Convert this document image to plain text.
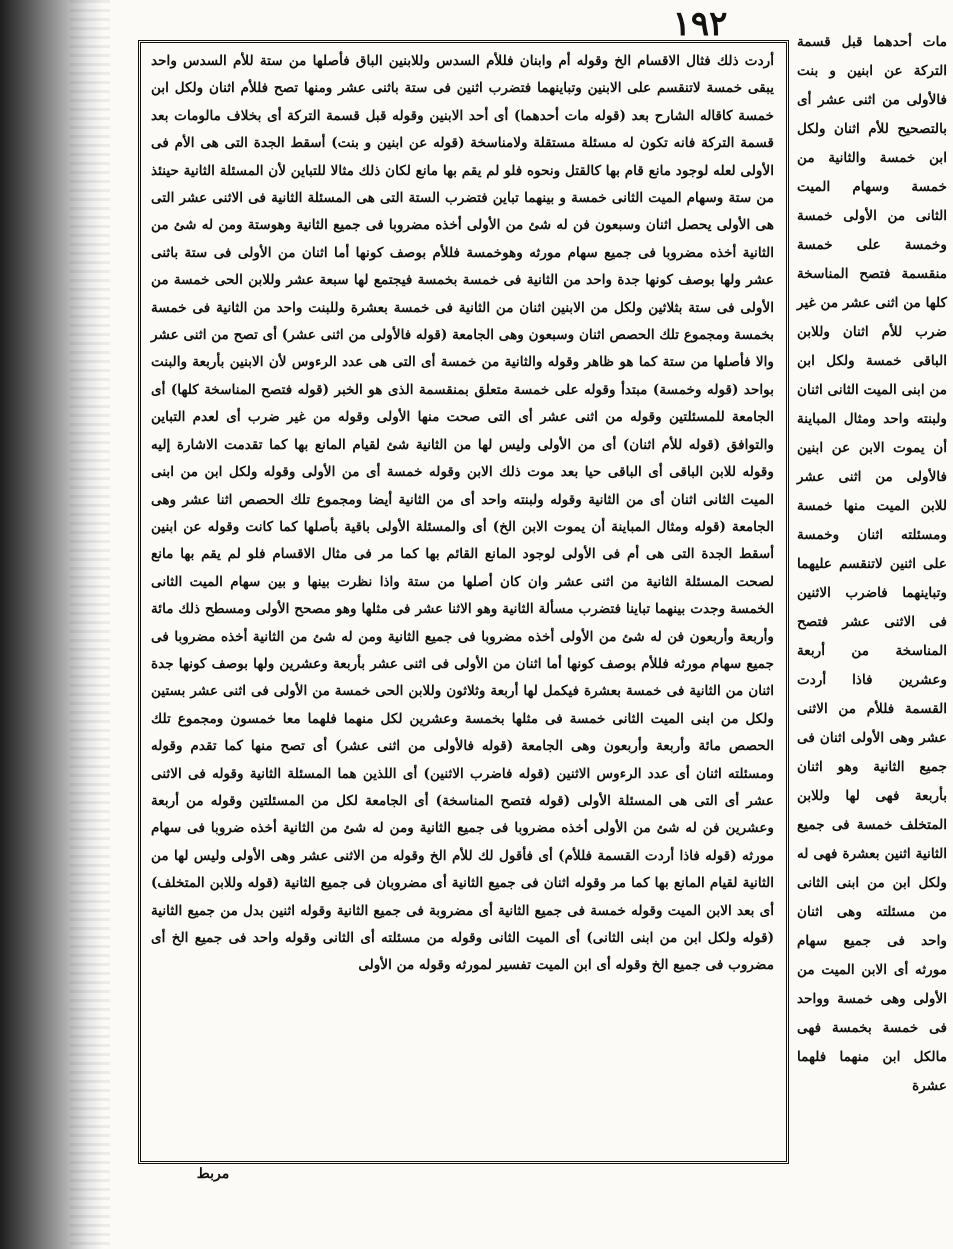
١٩٢

أردت ذلك فثال الاقسام الخ وقوله أم وابنان فللأم السدس وللابنين الباق فأصلها من ستة للأم السدس واحد يبقى خمسة لاتنقسم على الابنين وتباينهما فتضرب اثنين فى ستة باثنى عشر ومنها تصح فللأم اثنان ولكل ابن خمسة كاقاله الشارح بعد (قوله مات أحدهما) أى أحد الابنين وقوله قبل قسمة التركة أى بخلاف مالومات بعد قسمة التركة فانه تكون له مسئلة مستقلة ولامناسخة (قوله عن ابنين و بنت) أسقط الجدة التى هى الأم فى الأولى لعله لوجود مانع قام بها كالقتل ونحوه فلو لم يقم بها مانع لكان ذلك مثالا للتباين لأن المسئلة الثانية حينئذ من ستة وسهام الميت الثانى خمسة و بينهما تباين فتضرب الستة التى هى المسئلة الثانية فى الاثنى عشر التى هى الأولى يحصل اثنان وسبعون فن له شئ من الأولى أخذه مضروبا فى جميع الثانية وهوستة ومن له شئ من الثانية أخذه مضروبا فى جميع سهام مورثه وهوخمسة فللأم بوصف كونها أما اثنان من الأولى فى ستة باثنى عشر ولها بوصف كونها جدة واحد من الثانية فى خمسة بخمسة فيجتمع لها سبعة عشر وللابن الحى خمسة من الأولى فى ستة بثلاثين ولكل من الابنين اثنان من الثانية فى خمسة بعشرة وللبنت واحد من الثانية فى خمسة بخمسة ومجموع تلك الحصص اثنان وسبعون وهى الجامعة (قوله فالأولى من اثنى عشر) أى تصح من اثنى عشر والا فأصلها من ستة كما هو ظاهر وقوله والثانية من خمسة أى التى هى عدد الرءوس لأن الابنين بأربعة والبنت بواحد (قوله وخمسة) مبتدأ وقوله على خمسة متعلق بمنقسمة الذى هو الخبر (قوله فتصح المناسخة كلها) أى الجامعة للمسئلتين وقوله من اثنى عشر أى التى صحت منها الأولى وقوله من غير ضرب أى لعدم التباين والتوافق (قوله للأم اثنان) أى من الأولى وليس لها من الثانية شئ لقيام المانع بها كما تقدمت الاشارة إليه وقوله للابن الباقى أى الباقى حيا بعد موت ذلك الابن وقوله خمسة أى من الأولى وقوله ولكل ابن من ابنى الميت الثانى اثنان أى من الثانية وقوله ولبنته واحد أى من الثانية أيضا ومجموع تلك الحصص اثنا عشر وهى الجامعة (قوله ومثال المباينة أن يموت الابن الخ) أى والمسئلة الأولى باقية بأصلها كما كانت وقوله عن ابنين أسقط الجدة التى هى أم فى الأولى لوجود المانع القائم بها كما مر فى مثال الاقسام فلو لم يقم بها مانع لصحت المسئلة الثانية من اثنى عشر وان كان أصلها من ستة واذا نظرت بينها و بين سهام الميت الثانى الخمسة وجدت بينهما تباينا فتضرب مسألة الثانية وهو الاثنا عشر فى مثلها وهو مصحح الأولى ومسطح ذلك مائة وأربعة وأربعون فن له شئ من الأولى أخذه مضروبا فى جميع الثانية ومن له شئ من الثانية أخذه مضروبا فى جميع سهام مورثه فللأم بوصف كونها أما اثنان من الأولى فى اثنى عشر بأربعة وعشرين ولها بوصف كونها جدة اثنان من الثانية فى خمسة بعشرة فيكمل لها أربعة وثلاثون وللابن الحى خمسة من الأولى فى اثنى عشر بستين ولكل من ابنى الميت الثانى خمسة فى مثلها بخمسة وعشرين لكل منهما فلهما معا خمسون ومجموع تلك الحصص مائة وأربعة وأربعون وهى الجامعة (قوله فالأولى من اثنى عشر) أى تصح منها كما تقدم وقوله ومسئلته اثنان أى عدد الرءوس الاثنين (قوله فاضرب الاثنين) أى اللذين هما المسئلة الثانية وقوله فى الاثنى عشر أى التى هى المسئلة الأولى (قوله فتصح المناسخة) أى الجامعة لكل من المسئلتين وقوله من أربعة وعشرين فن له شئ من الأولى أخذه مضروبا فى جميع الثانية ومن له شئ من الثانية أخذه ضروبا فى سهام مورثه (قوله فاذا أردت القسمة فللأم) أى فأقول لك للأم الخ وقوله من الاثنى عشر وهى الأولى وليس لها من الثانية لقيام المانع بها كما مر وقوله اثنان فى جميع الثانية أى مضروبان فى جميع الثانية (قوله وللابن المتخلف) أى بعد الابن الميت وقوله خمسة فى جميع الثانية أى مضروبة فى جميع الثانية وقوله اثنين بدل من جميع الثانية (قوله ولكل ابن من ابنى الثانى) أى الميت الثانى وقوله من مسئلته أى الثانى وقوله واحد فى جميع الخ أى مضروب فى جميع الخ وقوله أى ابن الميت تفسير لمورثه وقوله من الأولى

مات أحدهما قبل قسمة التركة عن ابنين و بنت فالأولى من اثنى عشر أى بالتصحيح للأم اثنان ولكل ابن خمسة والثانية من خمسة وسهام الميت الثانى من الأولى خمسة وخمسة على خمسة منقسمة فتصح المناسخة كلها من اثنى عشر من غير ضرب للأم اثنان وللابن الباقى خمسة ولكل ابن من ابنى الميت الثانى اثنان ولبنته واحد ومثال المباينة أن يموت الابن عن ابنين فالأولى من اثنى عشر للابن الميت منها خمسة ومسئلته اثنان وخمسة على اثنين لاتنقسم عليهما وتباينهما فاضرب الاثنين فى الاثنى عشر فتصح المناسخة من أربعة وعشرين فاذا أردت القسمة فللأم من الاثنى عشر وهى الأولى اثنان فى جميع الثانية وهو اثنان بأربعة فهى لها وللابن المتخلف خمسة فى جميع الثانية اثنين بعشرة فهى له ولكل ابن من ابنى الثانى من مسئلته وهى اثنان واحد فى جميع سهام مورثه أى الابن الميت من الأولى وهى خمسة وواحد فى خمسة بخمسة فهى مالكل ابن منهما فلهما عشرة

مربط
